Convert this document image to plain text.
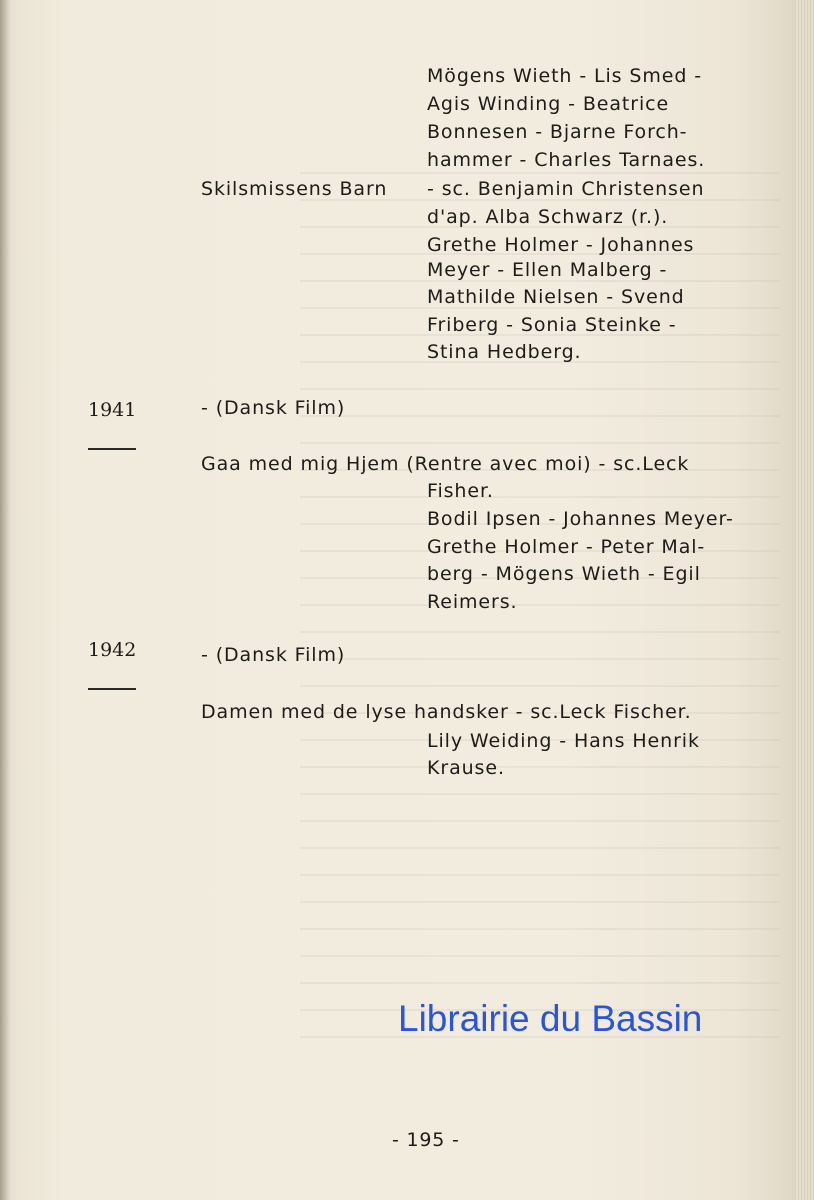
Mögens Wieth - Lis Smed -
Agis Winding - Beatrice
Bonnesen - Bjarne Forch-
hammer - Charles Tarnaes.
Skilsmissens Barn - sc. Benjamin Christensen
d'ap. Alba Schwarz (r.).
Grethe Holmer - Johannes
Meyer - Ellen Malberg -
Mathilde Nielsen - Svend
Friberg - Sonia Steinke -
Stina Hedberg.
1941	- (Dansk Film)
Gaa med mig Hjem (Rentre avec moi) - sc.Leck
Fisher.
Bodil Ipsen - Johannes Meyer-
Grethe Holmer - Peter Mal-
berg - Mögens Wieth - Egil
Reimers.
1942	- (Dansk Film)
Damen med de lyse handsker - sc.Leck Fischer.
Lily Weiding - Hans Henrik
Krause.
Librairie du Bassin
- 195 -
